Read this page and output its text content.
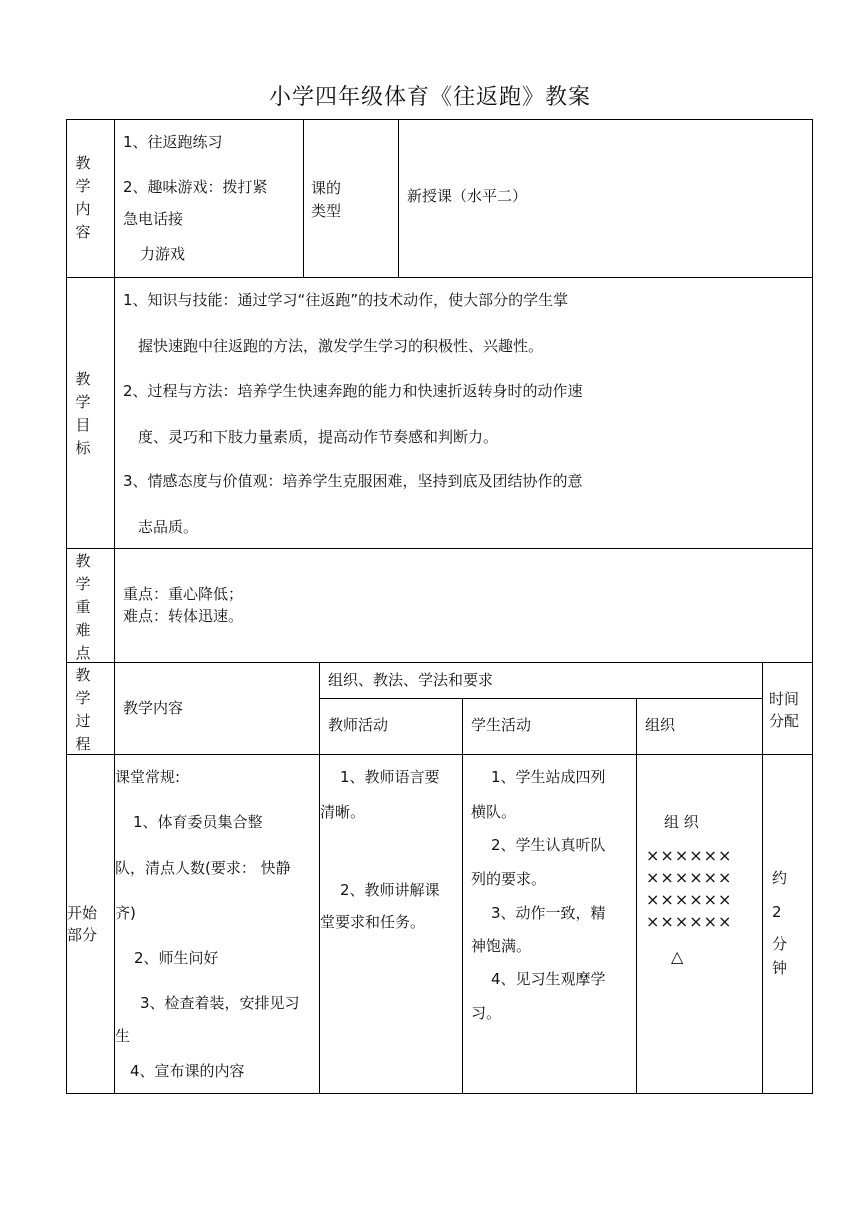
小学四年级体育《往返跑》教案
教学内容
1、往返跑练习
2、趣味游戏：拨打紧
急电话接
力游戏
课的类型
新授课（水平二）
教学目标
1、知识与技能：通过学习“往返跑”的技术动作，使大部分的学生掌
握快速跑中往返跑的方法，激发学生学习的积极性、兴趣性。
2、过程与方法：培养学生快速奔跑的能力和快速折返转身时的动作速
度、灵巧和下肢力量素质，提高动作节奏感和判断力。
3、情感态度与价值观：培养学生克服困难，坚持到底及团结协作的意
志品质。
教学重难点
重点：重心降低；
难点：转体迅速。
教学过程
教学内容
组织、教法、学法和要求
教师活动	学生活动	组织
时间分配
开始部分
课堂常规:
1、体育委员集合整
队，清点人数(要求： 快静
齐)
2、师生问好
3、检查着装，安排见习
生
4、宣布课的内容
1、教师语言要
清晰。
2、教师讲解课
堂要求和任务。
1、学生站成四列
横队。
2、学生认真听队
列的要求。
3、动作一致，精
神饱满。
4、见习生观摩学
习。
组 织
××××××
××××××
××××××
××××××
△
约
2
分
钟
